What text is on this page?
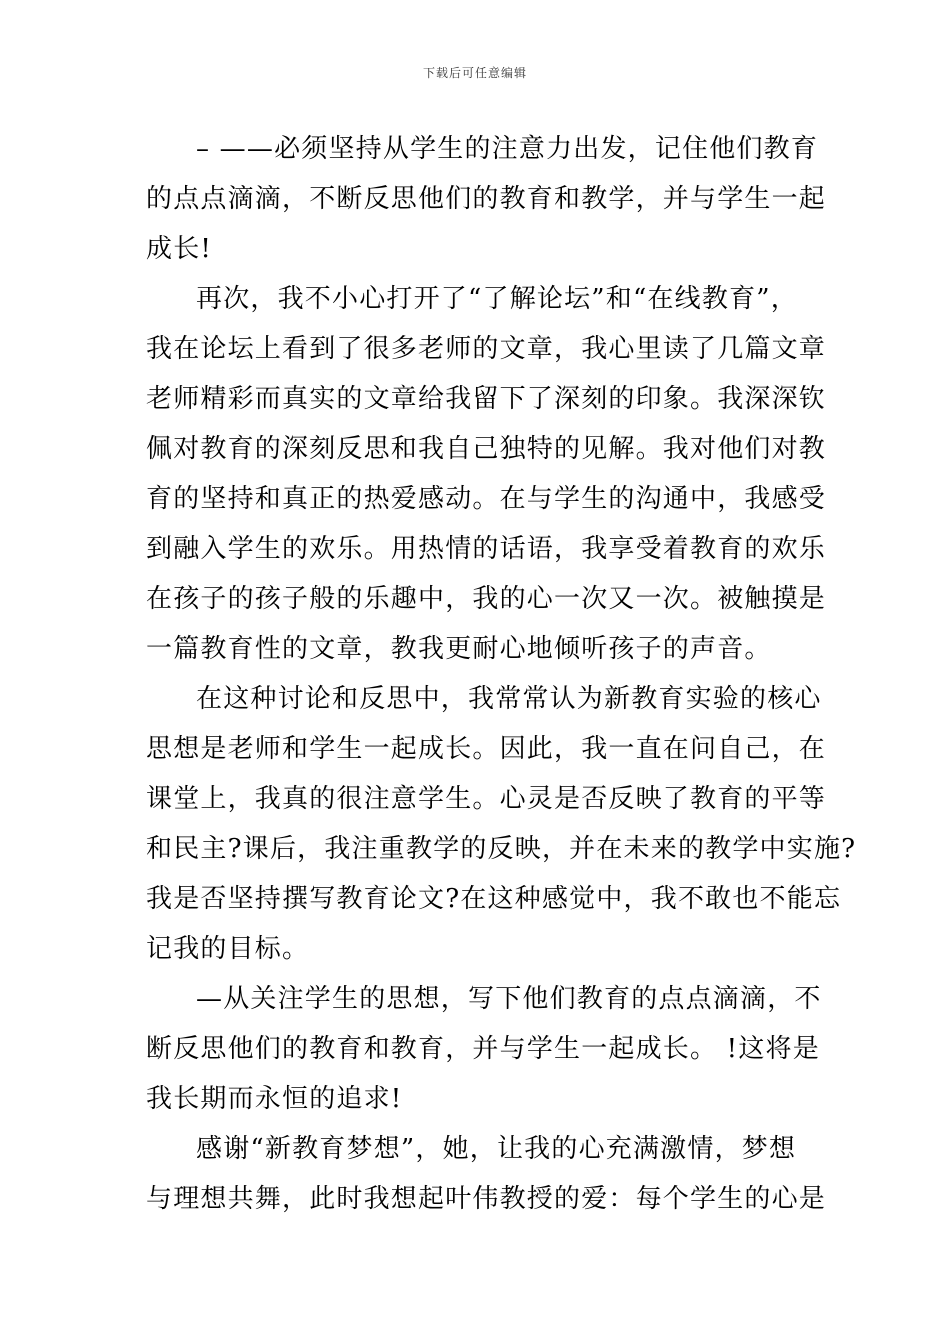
下载后可任意编辑
– ——必须坚持从学生的注意力出发，记住他们教育
的点点滴滴，不断反思他们的教育和教学，并与学生一起
成长!
再次，我不小心打开了“了解论坛”和“在线教育”，
我在论坛上看到了很多老师的文章，我心里读了几篇文章
老师精彩而真实的文章给我留下了深刻的印象。我深深钦
佩对教育的深刻反思和我自己独特的见解。我对他们对教
育的坚持和真正的热爱感动。在与学生的沟通中，我感受
到融入学生的欢乐。用热情的话语，我享受着教育的欢乐
在孩子的孩子般的乐趣中，我的心一次又一次。被触摸是
一篇教育性的文章，教我更耐心地倾听孩子的声音。
在这种讨论和反思中，我常常认为新教育实验的核心
思想是老师和学生一起成长。因此，我一直在问自己，在
课堂上，我真的很注意学生。心灵是否反映了教育的平等
和民主?课后，我注重教学的反映，并在未来的教学中实施?
我是否坚持撰写教育论文?在这种感觉中，我不敢也不能忘
记我的目标。
—从关注学生的思想，写下他们教育的点点滴滴，不
断反思他们的教育和教育，并与学生一起成长。 !这将是
我长期而永恒的追求!
感谢“新教育梦想”，她，让我的心充满激情，梦想
与理想共舞，此时我想起叶伟教授的爱：每个学生的心是
